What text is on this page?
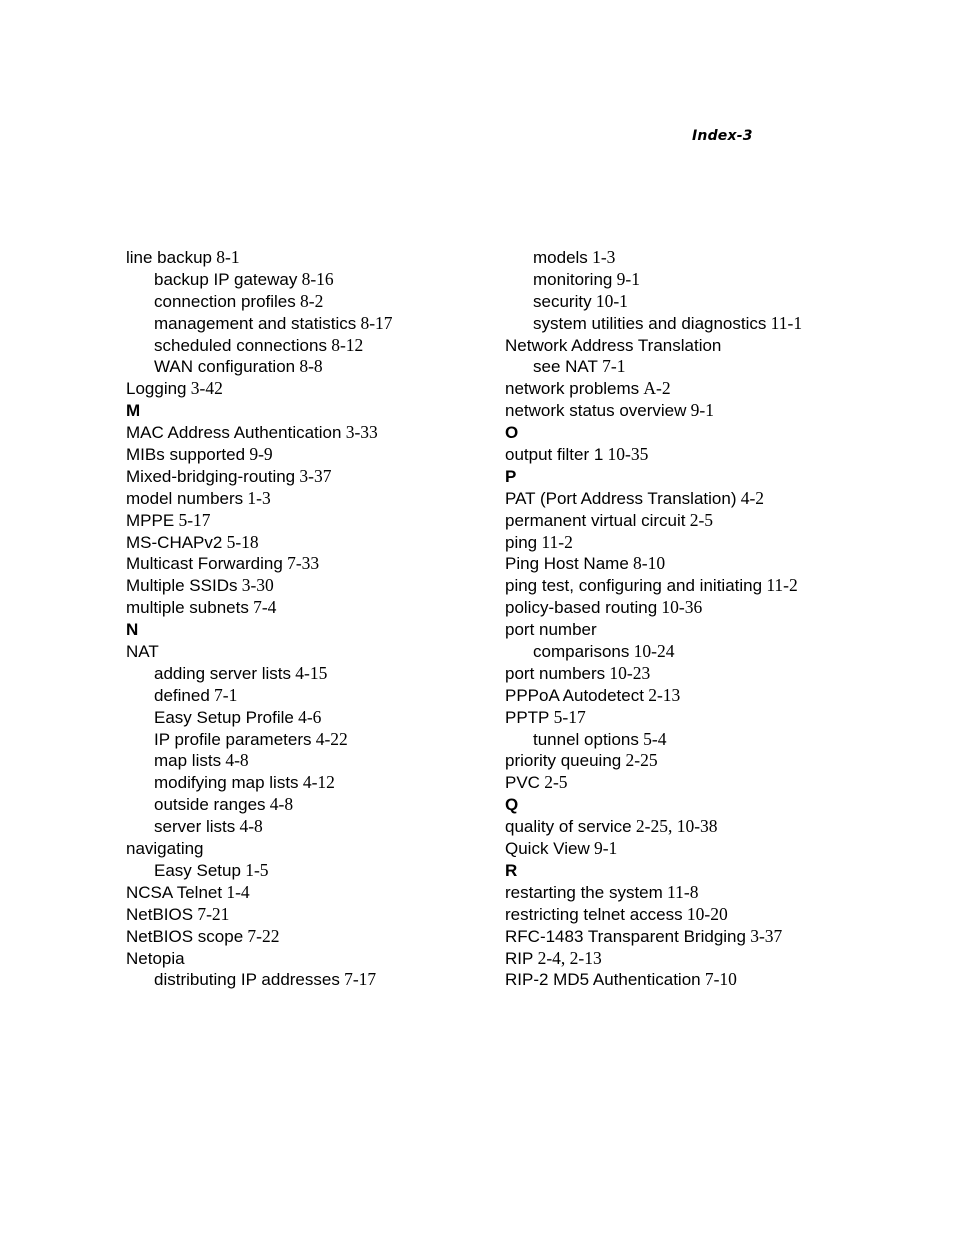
Index-3
line backup 8-1
backup IP gateway 8-16
connection profiles 8-2
management and statistics 8-17
scheduled connections 8-12
WAN configuration 8-8
Logging 3-42
M
MAC Address Authentication 3-33
MIBs supported 9-9
Mixed-bridging-routing 3-37
model numbers 1-3
MPPE 5-17
MS-CHAPv2 5-18
Multicast Forwarding 7-33
Multiple SSIDs 3-30
multiple subnets 7-4
N
NAT
adding server lists 4-15
defined 7-1
Easy Setup Profile 4-6
IP profile parameters 4-22
map lists 4-8
modifying map lists 4-12
outside ranges 4-8
server lists 4-8
navigating
Easy Setup 1-5
NCSA Telnet 1-4
NetBIOS 7-21
NetBIOS scope 7-22
Netopia
distributing IP addresses 7-17
models 1-3
monitoring 9-1
security 10-1
system utilities and diagnostics 11-1
Network Address Translation
see NAT 7-1
network problems A-2
network status overview 9-1
O
output filter 1 10-35
P
PAT (Port Address Translation) 4-2
permanent virtual circuit 2-5
ping 11-2
Ping Host Name 8-10
ping test, configuring and initiating 11-2
policy-based routing 10-36
port number
comparisons 10-24
port numbers 10-23
PPPoA Autodetect 2-13
PPTP 5-17
tunnel options 5-4
priority queuing 2-25
PVC 2-5
Q
quality of service 2-25, 10-38
Quick View 9-1
R
restarting the system 11-8
restricting telnet access 10-20
RFC-1483 Transparent Bridging 3-37
RIP 2-4, 2-13
RIP-2 MD5 Authentication 7-10
